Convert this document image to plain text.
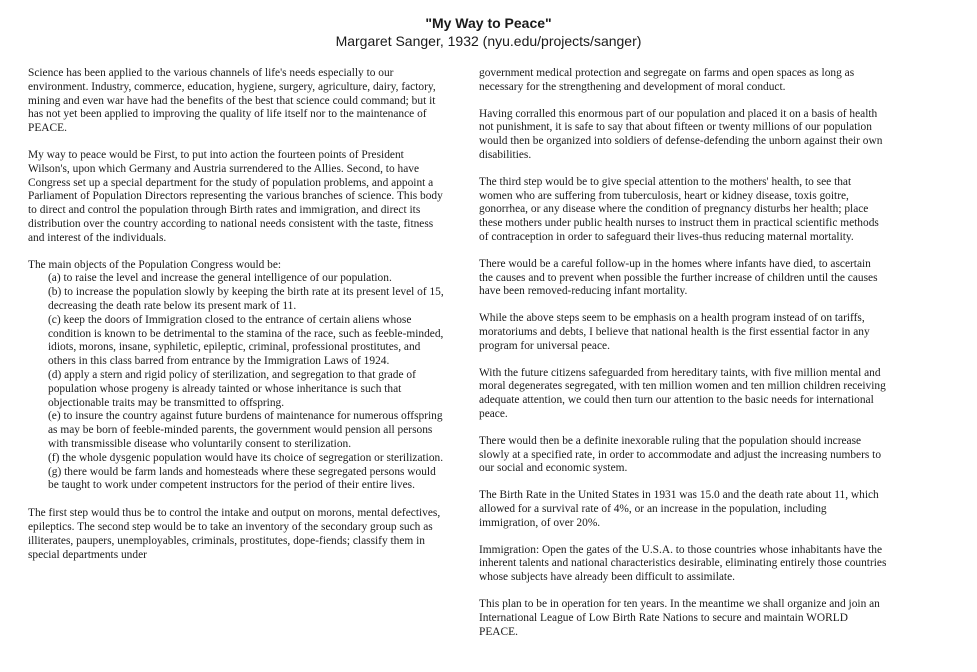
"My Way to Peace"
Margaret Sanger, 1932 (nyu.edu/projects/sanger)

Science has been applied to the various channels of life's needs especially to our environment. Industry, commerce, education, hygiene, surgery, agriculture, dairy, factory, mining and even war have had the benefits of the best that science could command; but it has not yet been applied to improving the quality of life itself nor to the maintenance of PEACE.

My way to peace would be First, to put into action the fourteen points of President Wilson's, upon which Germany and Austria surrendered to the Allies. Second, to have Congress set up a special department for the study of population problems, and appoint a Parliament of Population Directors representing the various branches of science. This body to direct and control the population through Birth rates and immigration, and direct its distribution over the country according to national needs consistent with the taste, fitness and interest of the individuals.

The main objects of the Population Congress would be:
(a) to raise the level and increase the general intelligence of our population.
(b) to increase the population slowly by keeping the birth rate at its present level of 15, decreasing the death rate below its present mark of 11.
(c) keep the doors of Immigration closed to the entrance of certain aliens whose condition is known to be detrimental to the stamina of the race, such as feeble-minded, idiots, morons, insane, syphiletic, epileptic, criminal, professional prostitutes, and others in this class barred from entrance by the Immigration Laws of 1924.
(d) apply a stern and rigid policy of sterilization, and segregation to that grade of population whose progeny is already tainted or whose inheritance is such that objectionable traits may be transmitted to offspring.
(e) to insure the country against future burdens of maintenance for numerous offspring as may be born of feeble-minded parents, the government would pension all persons with transmissible disease who voluntarily consent to sterilization.
(f) the whole dysgenic population would have its choice of segregation or sterilization.
(g) there would be farm lands and homesteads where these segregated persons would be taught to work under competent instructors for the period of their entire lives.

The first step would thus be to control the intake and output on morons, mental defectives, epileptics. The second step would be to take an inventory of the secondary group such as illiterates, paupers, unemployables, criminals, prostitutes, dope-fiends; classify them in special departments under

government medical protection and segregate on farms and open spaces as long as necessary for the strengthening and development of moral conduct.

Having corralled this enormous part of our population and placed it on a basis of health not punishment, it is safe to say that about fifteen or twenty millions of our population would then be organized into soldiers of defense-defending the unborn against their own disabilities.

The third step would be to give special attention to the mothers' health, to see that women who are suffering from tuberculosis, heart or kidney disease, toxis goitre, gonorrhea, or any disease where the condition of pregnancy disturbs her health; place these mothers under public health nurses to instruct them in practical scientific methods of contraception in order to safeguard their lives-thus reducing maternal mortality.

There would be a careful follow-up in the homes where infants have died, to ascertain the causes and to prevent when possible the further increase of children until the causes have been removed-reducing infant mortality.

While the above steps seem to be emphasis on a health program instead of on tariffs, moratoriums and debts, I believe that national health is the first essential factor in any program for universal peace.

With the future citizens safeguarded from hereditary taints, with five million mental and moral degenerates segregated, with ten million women and ten million children receiving adequate attention, we could then turn our attention to the basic needs for international peace.

There would then be a definite inexorable ruling that the population should increase slowly at a specified rate, in order to accommodate and adjust the increasing numbers to our social and economic system.

The Birth Rate in the United States in 1931 was 15.0 and the death rate about 11, which allowed for a survival rate of 4%, or an increase in the population, including immigration, of over 20%.

Immigration: Open the gates of the U.S.A. to those countries whose inhabitants have the inherent talents and national characteristics desirable, eliminating entirely those countries whose subjects have already been difficult to assimilate.

This plan to be in operation for ten years. In the meantime we shall organize and join an International League of Low Birth Rate Nations to secure and maintain WORLD PEACE.
